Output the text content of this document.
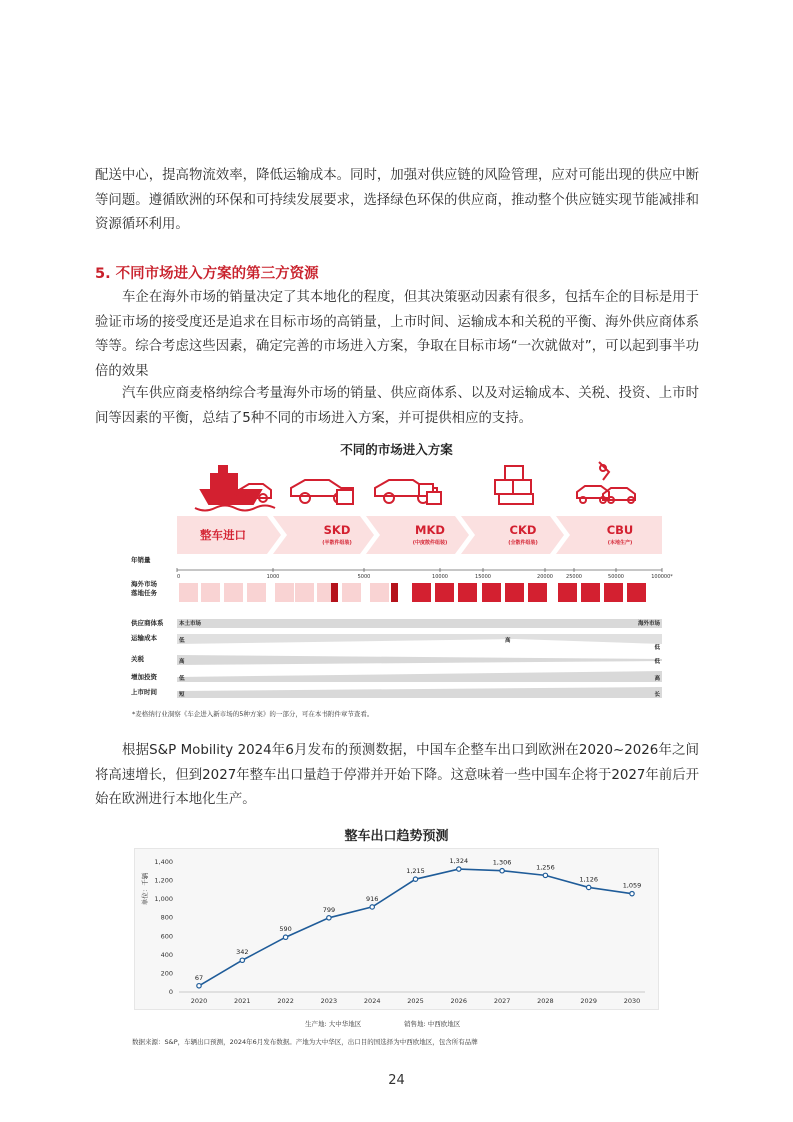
配送中心，提高物流效率，降低运输成本。同时，加强对供应链的风险管理，应对可能出现的供应中断等问题。遵循欧洲的环保和可持续发展要求，选择绿色环保的供应商，推动整个供应链实现节能减排和资源循环利用。

5. 不同市场进入方案的第三方资源

车企在海外市场的销量决定了其本地化的程度，但其决策驱动因素有很多，包括车企的目标是用于验证市场的接受度还是追求在目标市场的高销量，上市时间、运输成本和关税的平衡、海外供应商体系等等。综合考虑这些因素，确定完善的市场进入方案，争取在目标市场“一次就做对”，可以起到事半功倍的效果

汽车供应商麦格纳综合考量海外市场的销量、供应商体系、以及对运输成本、关税、投资、上市时间等因素的平衡，总结了5种不同的市场进入方案，并可提供相应的支持。

不同的市场进入方案
整车进口	SKD
(半散件组装)
MKD
(中度散件组装)
CKD
(全散件组装)
CBU
(本地生产)
年销量
0	1000	5000	10000	15000	20000	25000	50000	100000*
海外市场
落地任务
供应商体系	本土市场	海外市场
运输成本	低	高
低
关税	高	低
增加投资	低	高
上市时间	短	长
*麦格纳行业洞察《车企进入新市场的5种方案》的一部分，可在本书附件章节查看。

根据S&P Mobility 2024年6月发布的预测数据，中国车企整车出口到欧洲在2020~2026年之间将高速增长，但到2027年整车出口量趋于停滞并开始下降。这意味着一些中国车企将于2027年前后开始在欧洲进行本地化生产。

整车出口趋势预测
单位：千辆
0
200
400
600
800
1,000
1,200
1,400
67
2020
342
2021
590
2022
799
2023
916
2024
1,215
2025
1,324
2026
1,306
2027
1,256
2028
1,126
2029
1,059
2030
生产地: 大中华地区	销售地: 中西欧地区
数据来源：S&P，车辆出口预测，2024年6月发布数据。产地为大中华区，出口目的国选择为中西欧地区，包含所有品牌
24
